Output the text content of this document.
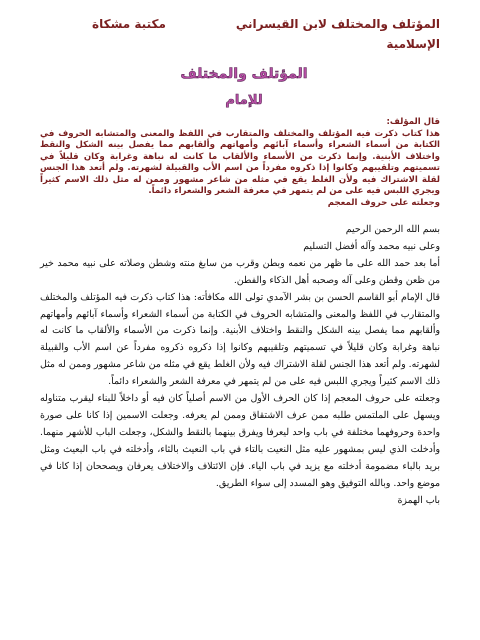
المؤتلف والمختلف لابن القيسراني
الإسلامية
مكتبة مشكاة
المؤتلف والمختلف
للإمام

قال المؤلف:

هذا كتاب ذكرت فيه المؤتلف والمختلف والمتقارب في اللفظ والمعنى والمتشابه الحروف في الكتابة من أسماء الشعراء وأسماء آبائهم وأمهاتهم وألقابهم مما يفصل بينه الشكل والنقط واختلاف الأبنية. وإنما ذكرت من الأسماء والألقاب ما كانت له نباهة وغرابة وكان قليلاً في تسميتهم وتلقيبهم وكانوا إذا ذكروه مفرداً من اسم الأب والقبيلة لشهرته. ولم أتعد هذا الجنس لقلة الاشتراك فيه ولأن الغلط يقع في مثله من شاعر مشهور وممن له مثل ذلك الاسم كثيراً ويجري اللبس فيه على من لم يتمهر في معرفة الشعر والشعراء دائماً.

وجعلته على حروف المعجم

بسم الله الرحمن الرحيم

وعلى نبيه محمد وآله أفضل التسليم

أما بعد حمد الله على ما ظهر من نعمه وبطن وقرب من سابغ منته وشطن وصلاته على نبيه محمد خير من ظعن وقطن وعلى آله وصحبه أهل الذكاء والفطن.

قال الإمام أبو القاسم الحسن بن بشر الآمدي تولى الله مكافأته: هذا كتاب ذكرت فيه المؤتلف والمختلف والمتقارب في اللفظ والمعنى والمتشابه الحروف في الكتابة من أسماء الشعراء وأسماء آبائهم وأمهاتهم وألقابهم مما يفصل بينه الشكل والنقط واختلاف الأبنية. وإنما ذكرت من الأسماء والألقاب ما كانت له نباهة وغرابة وكان قليلاً في تسميتهم وتلقيبهم وكانوا إذا ذكروه ذكروه مفرداً عن اسم الأب والقبيلة لشهرته. ولم أتعد هذا الجنس لقلة الاشتراك فيه ولأن الغلط يقع في مثله من شاعر مشهور وممن له مثل ذلك الاسم كثيراً ويجري اللبس فيه على من لم يتمهر في معرفة الشعر والشعراء دائماً.

وجعلته على حروف المعجم إذا كان الحرف الأول من الاسم أصلياً كان فيه أو داخلاً للبناء ليقرب متناوله ويسهل على الملتمس طلبه ممن عرف الاشتقاق وممن لم يعرفه. وجعلت الاسمين إذا كانا على صورة واحدة وحروفهما مختلفة في باب واحد ليعرفا ويفرق بينهما بالنقط والشكل، وجعلت الباب للأشهر منهما. وأدخلت الذي ليس بمشهور عليه مثل النعيت بالتاء في باب النعيث بالثاء، وأدخلته في باب البعيث ومثل بريد بالباء مضمومة أدخلته مع يزيد في باب الياء. فإن الائتلاف والاختلاف يعرفان ويصححان إذا كانا في موضع واحد. وبالله التوفيق وهو المسدد إلى سواء الطريق.

باب الهمزة
